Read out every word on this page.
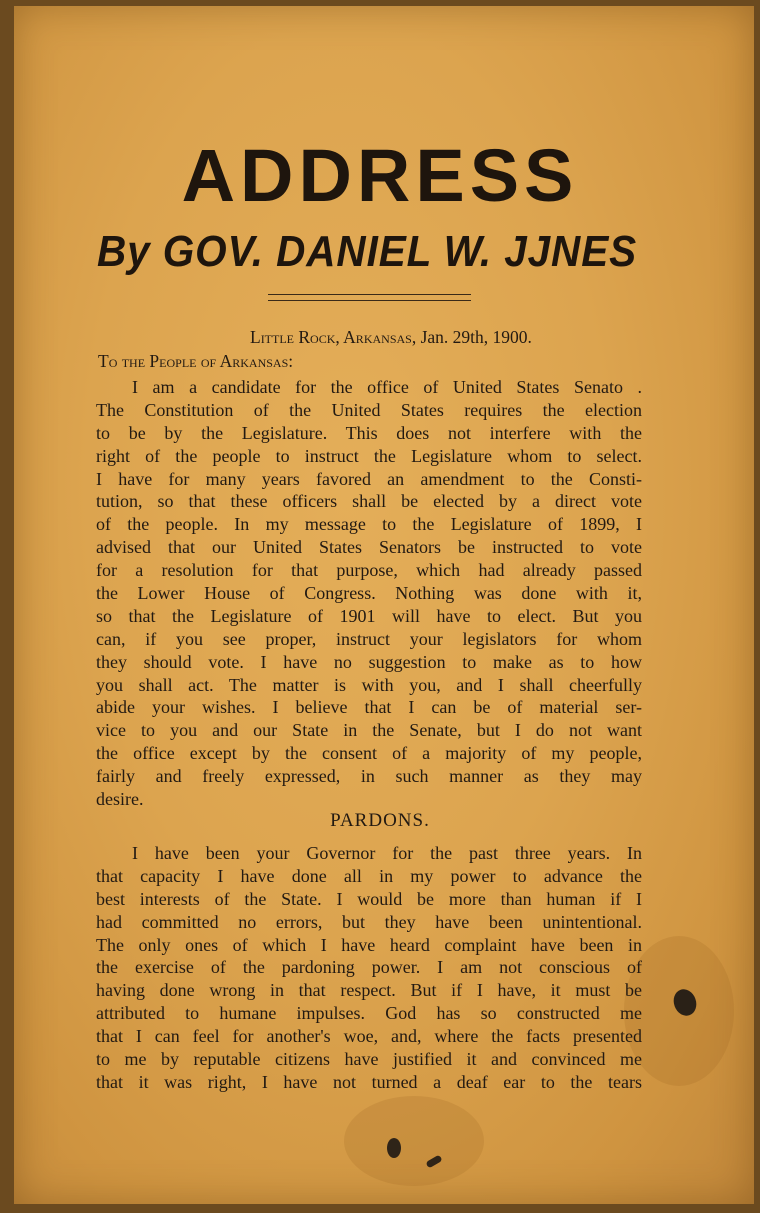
ADDRESS
By GOV. DANIEL W. JJNES
Little Rock, Arkansas, Jan. 29th, 1900.
To the People of Arkansas:
I am a candidate for the office of United States Senato .
The Constitution of the United States requires the election
to be by the Legislature. This does not interfere with the
right of the people to instruct the Legislature whom to select.
I have for many years favored an amendment to the Consti-
tution, so that these officers shall be elected by a direct vote
of the people. In my message to the Legislature of 1899, I
advised that our United States Senators be instructed to vote
for a resolution for that purpose, which had already passed
the Lower House of Congress. Nothing was done with it,
so that the Legislature of 1901 will have to elect. But you
can, if you see proper, instruct your legislators for whom
they should vote. I have no suggestion to make as to how
you shall act. The matter is with you, and I shall cheerfully
abide your wishes. I believe that I can be of material ser-
vice to you and our State in the Senate, but I do not want
the office except by the consent of a majority of my people,
fairly and freely expressed, in such manner as they may
desire.
PARDONS.
I have been your Governor for the past three years. In
that capacity I have done all in my power to advance the
best interests of the State. I would be more than human if I
had committed no errors, but they have been unintentional.
The only ones of which I have heard complaint have been in
the exercise of the pardoning power. I am not conscious of
having done wrong in that respect. But if I have, it must be
attributed to humane impulses. God has so constructed me
that I can feel for another's woe, and, where the facts presented
to me by reputable citizens have justified it and convinced me
that it was right, I have not turned a deaf ear to the tears
